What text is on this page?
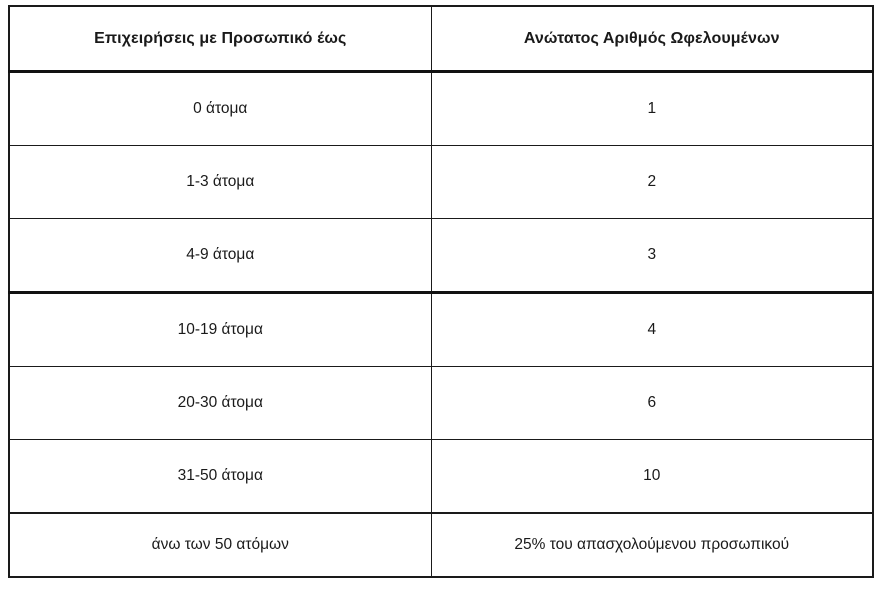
Επιχειρήσεις με Προσωπικό έως	Ανώτατος Αριθμός Ωφελουμένων

0 άτομα	1

1-3 άτομα	2

4-9 άτομα	3

10-19 άτομα	4

20-30 άτομα	6

31-50 άτομα	10

άνω των 50 ατόμων	25% του απασχολούμενου προσωπικού
